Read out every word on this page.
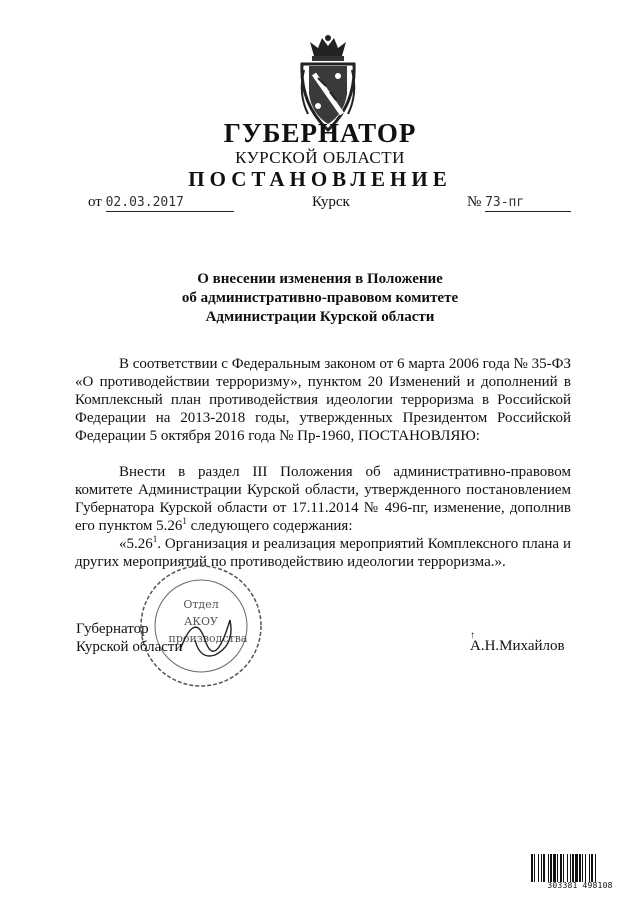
ГУБЕРНАТОР
КУРСКОЙ ОБЛАСТИ
ПОСТАНОВЛЕНИЕ
от 02.03.2017	Курск	№ 73-пг
О внесении изменения в Положение
об административно-правовом комитете
Администрации Курской области
В соответствии с Федеральным законом от 6 марта 2006 года № 35-ФЗ «О противодействии терроризму», пунктом 20 Изменений и дополнений в Комплексный план противодействия идеологии терроризма в Российской Федерации на 2013-2018 годы, утвержденных Президентом Российской Федерации 5 октября 2016 года № Пр-1960, ПОСТАНОВЛЯЮ:
Внести в раздел III Положения об административно-правовом комитете Администрации Курской области, утвержденного постановлением Губернатора Курской области от 17.11.2014 № 496-пг, изменение, дополнив его пунктом 5.26$^1$ следующего содержания:
«5.26$^1$. Организация и реализация мероприятий Комплексного плана и других мероприятий по противодействию идеологии терроризма.».
Отдел
АКОУ
производства
Губернатор
Курской области
↑
А.Н.Михайлов
303381 498108
